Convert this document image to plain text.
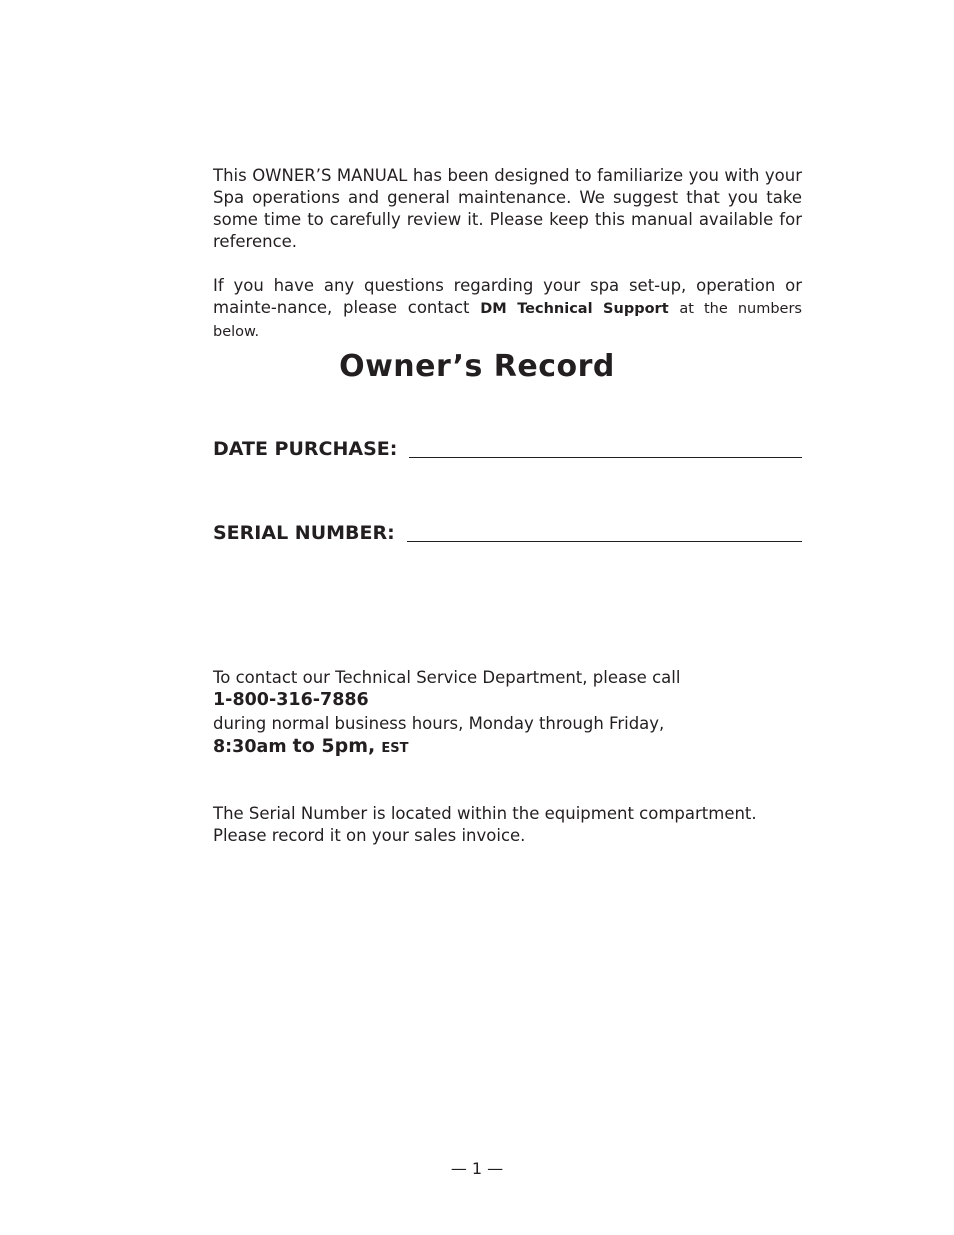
This OWNER’S MANUAL has been designed to familiarize you with your Spa operations and general maintenance. We suggest that you take some time to carefully review it. Please keep this manual available for reference.

If you have any questions regarding your spa set-up, operation or mainte-nance, please contact DM Technical Support at the numbers below.

Owner’s Record
DATE PURCHASE:
SERIAL NUMBER:
To contact our Technical Service Department, please call
1-800-316-7886
during normal business hours, Monday through Friday,
8:30am to 5pm, EST
The Serial Number is located within the equipment compartment.
Please record it on your sales invoice.
— 1 —
